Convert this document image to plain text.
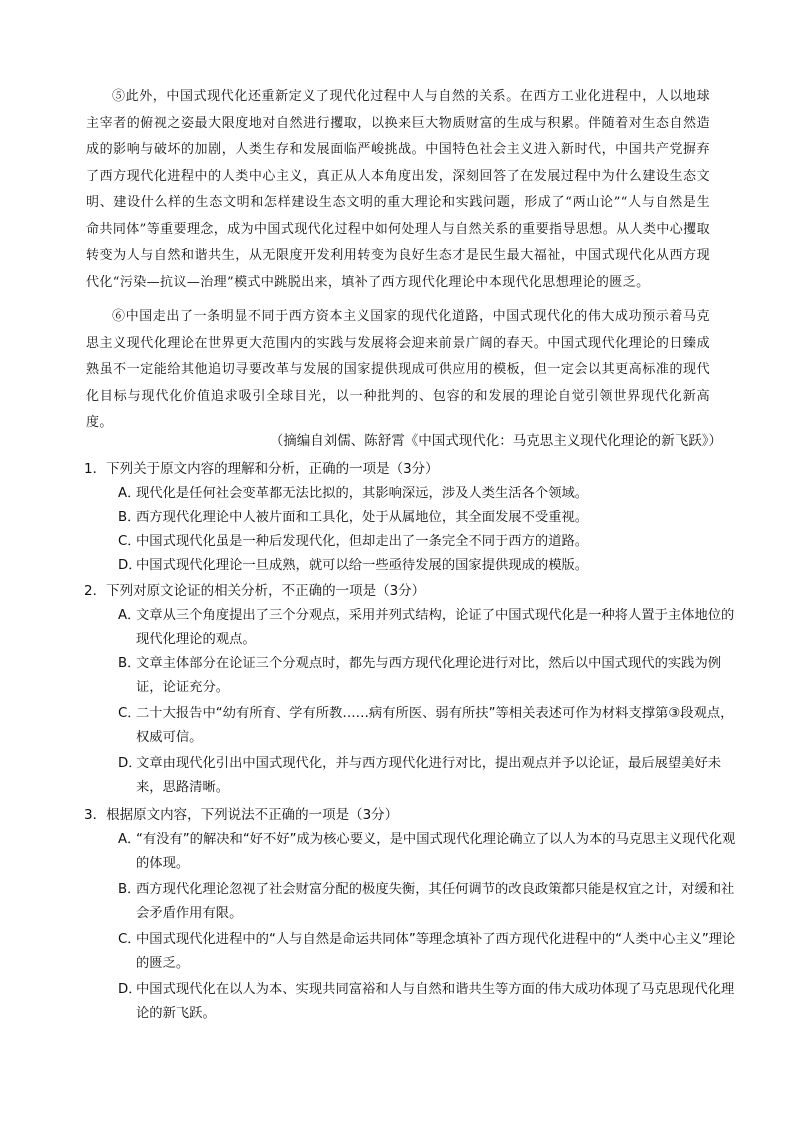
⑤此外，中国式现代化还重新定义了现代化过程中人与自然的关系。在西方工业化进程中，人以地球主宰者的俯视之姿最大限度地对自然进行攫取，以换来巨大物质财富的生成与积累。伴随着对生态自然造成的影响与破坏的加剧，人类生存和发展面临严峻挑战。中国特色社会主义进入新时代，中国共产党摒弃了西方现代化进程中的人类中心主义，真正从人本角度出发，深刻回答了在发展过程中为什么建设生态文明、建设什么样的生态文明和怎样建设生态文明的重大理论和实践问题，形成了“两山论”“人与自然是生命共同体”等重要理念，成为中国式现代化过程中如何处理人与自然关系的重要指导思想。从人类中心攫取转变为人与自然和谐共生，从无限度开发利用转变为良好生态才是民生最大福祉，中国式现代化从西方现代化“污染—抗议—治理”模式中跳脱出来，填补了西方现代化理论中本现代化思想理论的匮乏。

⑥中国走出了一条明显不同于西方资本主义国家的现代化道路，中国式现代化的伟大成功预示着马克思主义现代化理论在世界更大范围内的实践与发展将会迎来前景广阔的春天。中国式现代化理论的日臻成熟虽不一定能给其他追切寻要改革与发展的国家提供现成可供应用的模板，但一定会以其更高标准的现代化目标与现代化价值追求吸引全球目光，以一种批判的、包容的和发展的理论自觉引领世界现代化新高度。

（摘编自刘儒、陈舒霄《中国式现代化：马克思主义现代化理论的新飞跃》）

1．下列关于原文内容的理解和分析，正确的一项是（3分）

A．现代化是任何社会变革都无法比拟的，其影响深远，涉及人类生活各个领域。

B．西方现代化理论中人被片面和工具化，处于从属地位，其全面发展不受重视。

C．中国式现代化虽是一种后发现代化，但却走出了一条完全不同于西方的道路。

D．中国式现代化理论一旦成熟，就可以给一些亟待发展的国家提供现成的模版。

2．下列对原文论证的相关分析，不正确的一项是（3分）

A．文章从三个角度提出了三个分观点，采用并列式结构，论证了中国式现代化是一种将人置于主体地位的现代化理论的观点。

B．文章主体部分在论证三个分观点时，都先与西方现代化理论进行对比，然后以中国式现代的实践为例证，论证充分。

C．二十大报告中“幼有所育、学有所教……病有所医、弱有所扶”等相关表述可作为材料支撑第③段观点，权威可信。

D．文章由现代化引出中国式现代化，并与西方现代化进行对比，提出观点并予以论证，最后展望美好未来，思路清晰。

3．根据原文内容，下列说法不正确的一项是（3分）

A．“有没有”的解决和“好不好”成为核心要义，是中国式现代化理论确立了以人为本的马克思主义现代化观的体现。

B．西方现代化理论忽视了社会财富分配的极度失衡，其任何调节的改良政策都只能是权宜之计，对缓和社会矛盾作用有限。

C．中国式现代化进程中的“人与自然是命运共同体”等理念填补了西方现代化进程中的“人类中心主义”理论的匮乏。

D．中国式现代化在以人为本、实现共同富裕和人与自然和谐共生等方面的伟大成功体现了马克思现代化理论的新飞跃。
